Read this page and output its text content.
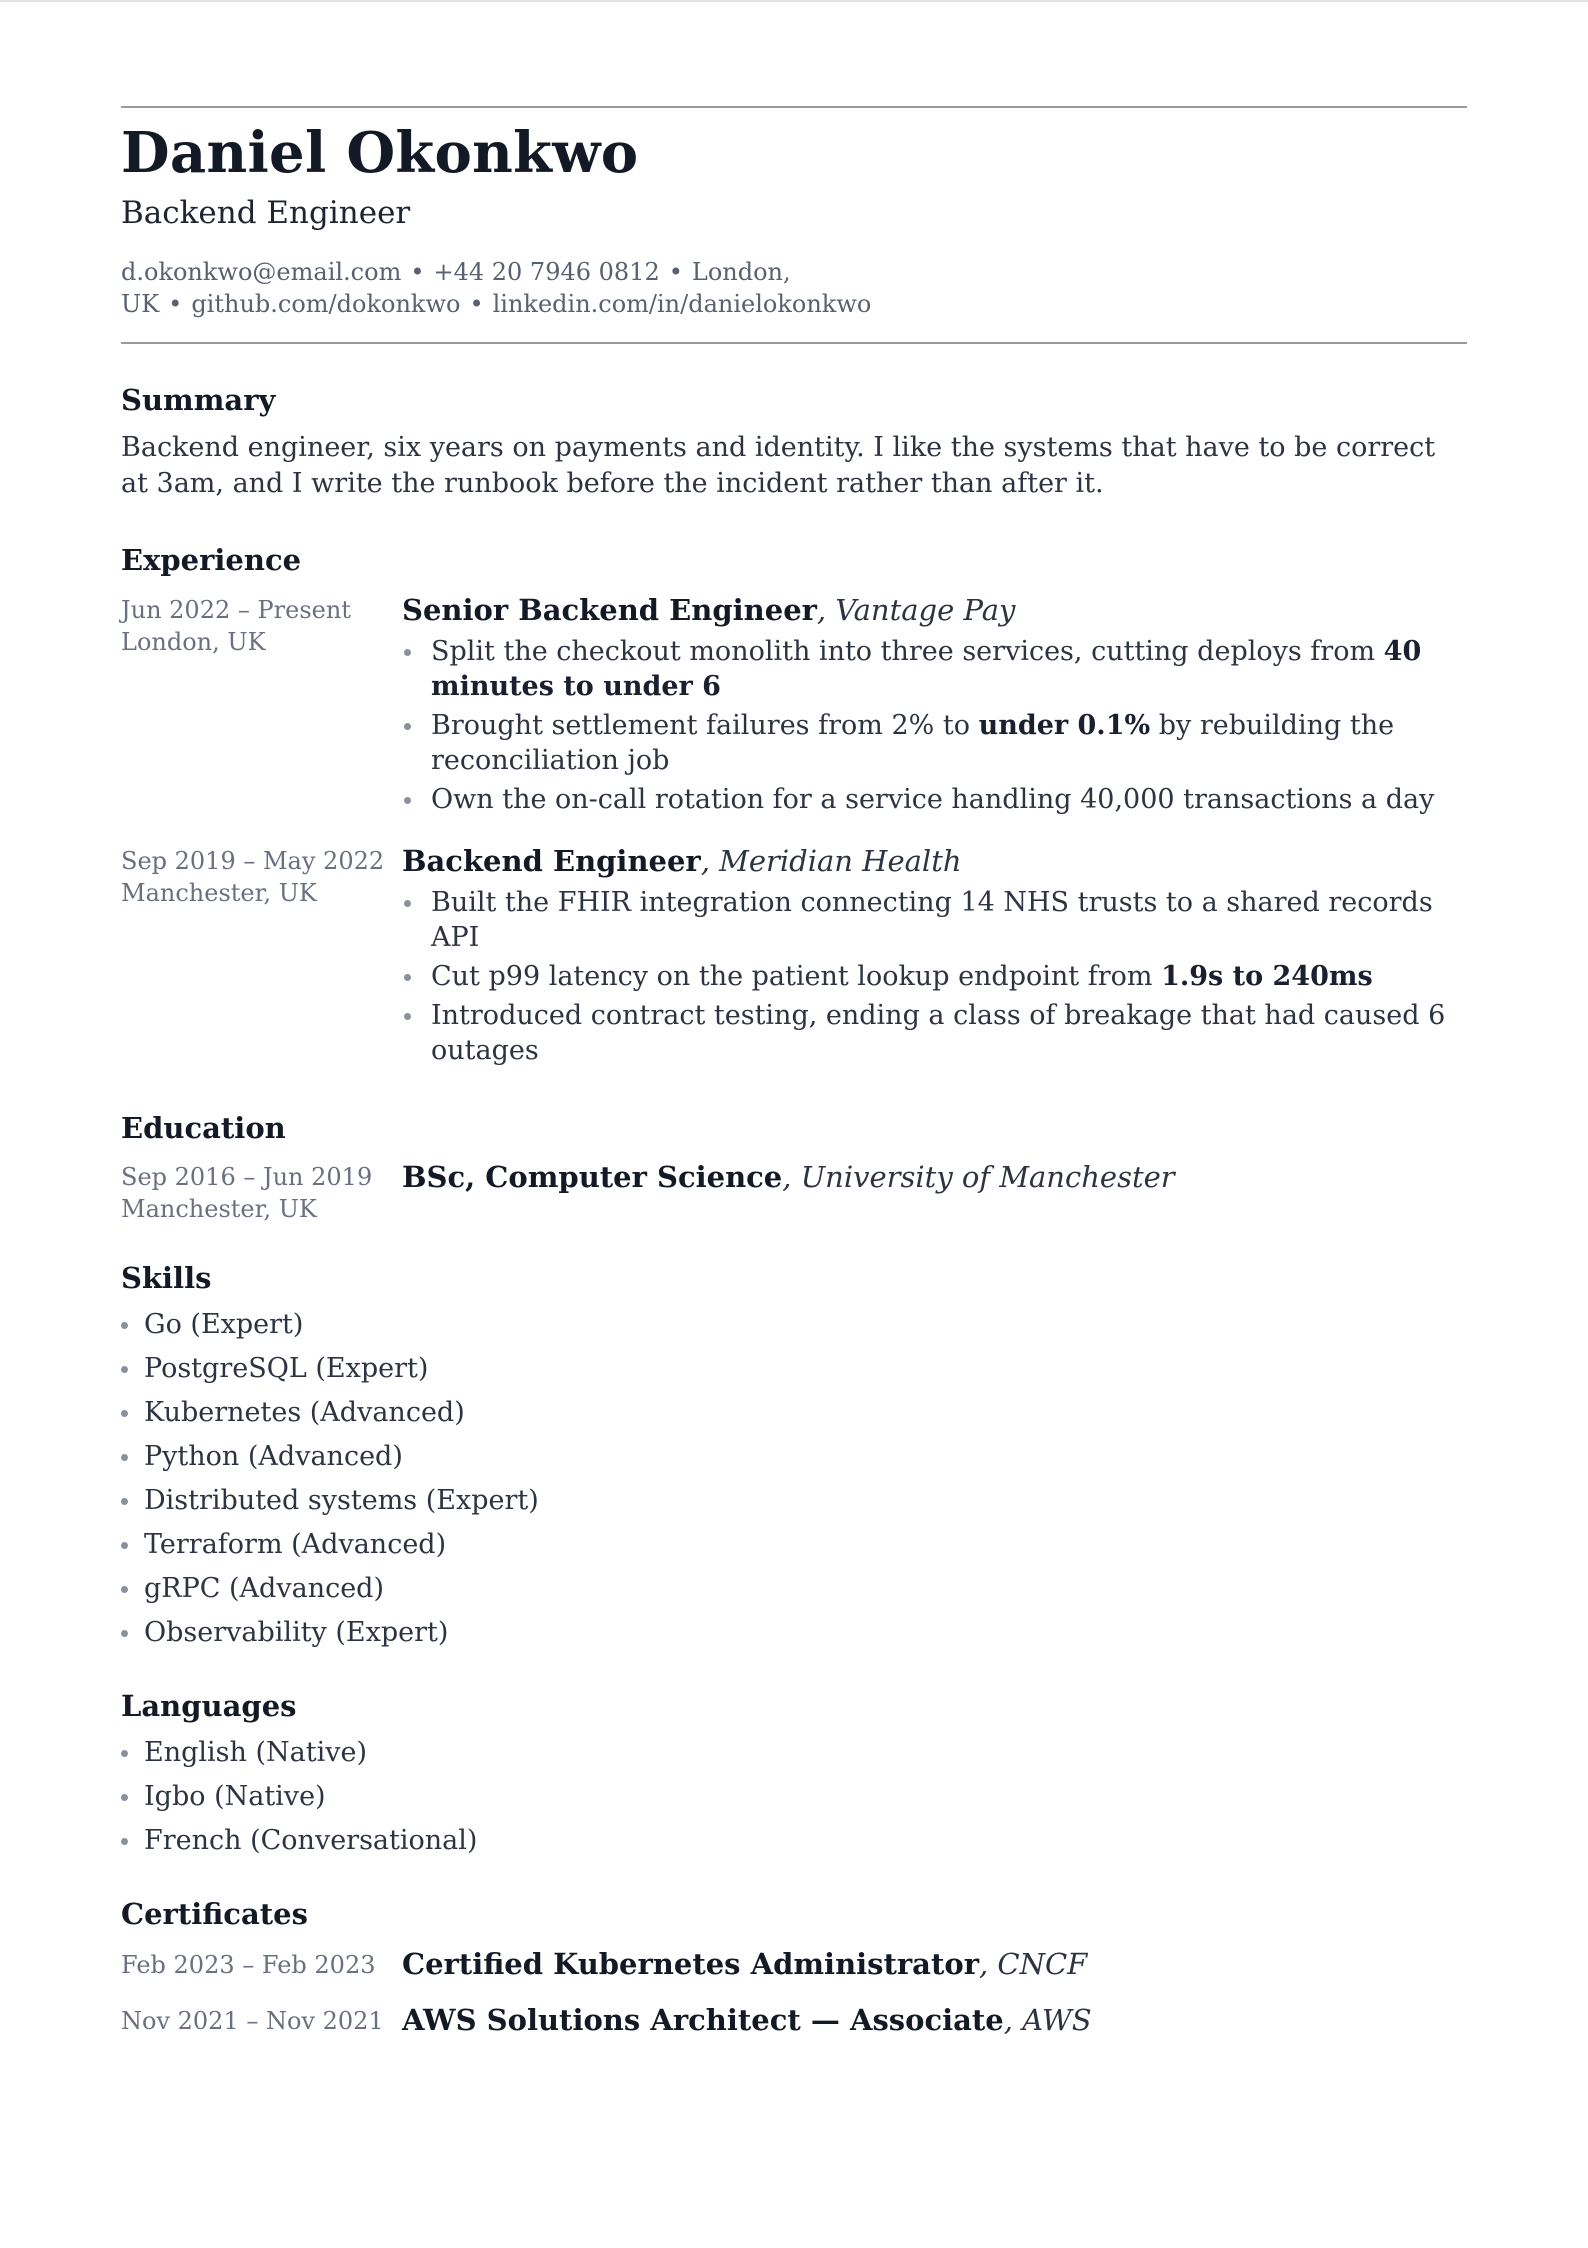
Daniel Okonkwo
Backend Engineer
d.okonkwo@email.com • +44 20 7946 0812 • London, UK • github.com/dokonkwo • linkedin.com/in/danielokonkwo
Summary
Backend engineer, six years on payments and identity. I like the systems that have to be correct at 3am, and I write the runbook before the incident rather than after it.
Experience
Jun 2022 – Present
London, UK
Senior Backend Engineer, Vantage Pay
Split the checkout monolith into three services, cutting deploys from 40 minutes to under 6
Brought settlement failures from 2% to under 0.1% by rebuilding the reconciliation job
Own the on-call rotation for a service handling 40,000 transactions a day
Sep 2019 – May 2022
Manchester, UK
Backend Engineer, Meridian Health
Built the FHIR integration connecting 14 NHS trusts to a shared records API
Cut p99 latency on the patient lookup endpoint from 1.9s to 240ms
Introduced contract testing, ending a class of breakage that had caused 6 outages
Education
Sep 2016 – Jun 2019
Manchester, UK
BSc, Computer Science, University of Manchester
Skills
Go (Expert)
PostgreSQL (Expert)
Kubernetes (Advanced)
Python (Advanced)
Distributed systems (Expert)
Terraform (Advanced)
gRPC (Advanced)
Observability (Expert)
Languages
English (Native)
Igbo (Native)
French (Conversational)
Certificates
Feb 2023 – Feb 2023 Certified Kubernetes Administrator, CNCF
Nov 2021 – Nov 2021 AWS Solutions Architect — Associate, AWS
